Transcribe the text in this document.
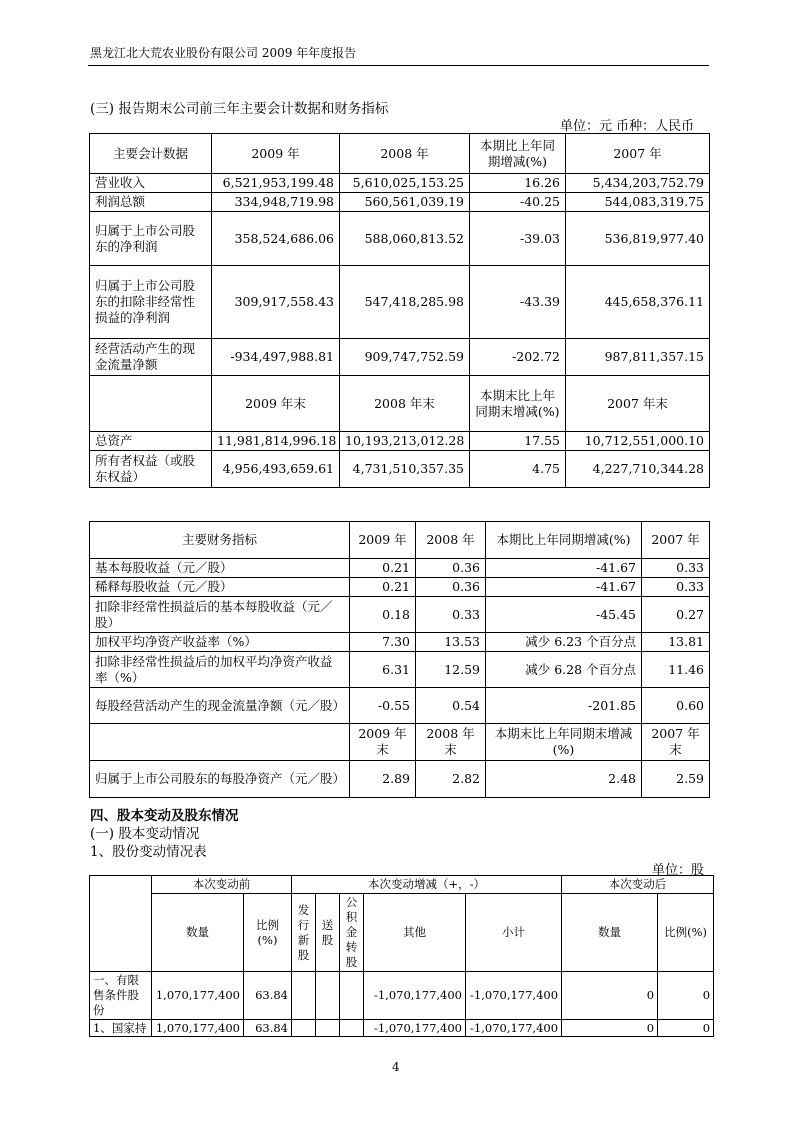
黑龙江北大荒农业股份有限公司 2009 年年度报告
(三) 报告期末公司前三年主要会计数据和财务指标
单位：元 币种：人民币
主要会计数据	2009 年	2008 年	本期比上年同期增减(%)	2007 年
营业收入	6,521,953,199.48	5,610,025,153.25	16.26	5,434,203,752.79
利润总额	334,948,719.98	560,561,039.19	-40.25	544,083,319.75
归属于上市公司股东的净利润	358,524,686.06	588,060,813.52	-39.03	536,819,977.40
归属于上市公司股东的扣除非经常性损益的净利润	309,917,558.43	547,418,285.98	-43.39	445,658,376.11
经营活动产生的现金流量净额	-934,497,988.81	909,747,752.59	-202.72	987,811,357.15
	2009 年末	2008 年末	本期末比上年同期末增减(%)	2007 年末
总资产	11,981,814,996.18	10,193,213,012.28	17.55	10,712,551,000.10
所有者权益（或股东权益）	4,956,493,659.61	4,731,510,357.35	4.75	4,227,710,344.28
主要财务指标	2009 年	2008 年	本期比上年同期增减(%)	2007 年
基本每股收益（元／股）	0.21	0.36	-41.67	0.33
稀释每股收益（元／股）	0.21	0.36	-41.67	0.33
扣除非经常性损益后的基本每股收益（元／股）	0.18	0.33	-45.45	0.27
加权平均净资产收益率（%）	7.30	13.53	减少 6.23 个百分点	13.81
扣除非经常性损益后的加权平均净资产收益率（%）	6.31	12.59	减少 6.28 个百分点	11.46
每股经营活动产生的现金流量净额（元／股）	-0.55	0.54	-201.85	0.60
	2009 年末	2008 年末	本期末比上年同期末增减(%)	2007 年末
归属于上市公司股东的每股净资产（元／股）	2.89	2.82	2.48	2.59
四、股本变动及股东情况
(一) 股本变动情况
1、股份变动情况表
单位：股
	本次变动前		本次变动增减（+，-）					本次变动后	
	数量	比例(%)	发行新股	送股	公积金转股	其他	小计	数量	比例(%)
一、有限售条件股份	1,070,177,400	63.84				-1,070,177,400	-1,070,177,400	0	0
1、国家持	1,070,177,400	63.84				-1,070,177,400	-1,070,177,400	0	0
4
